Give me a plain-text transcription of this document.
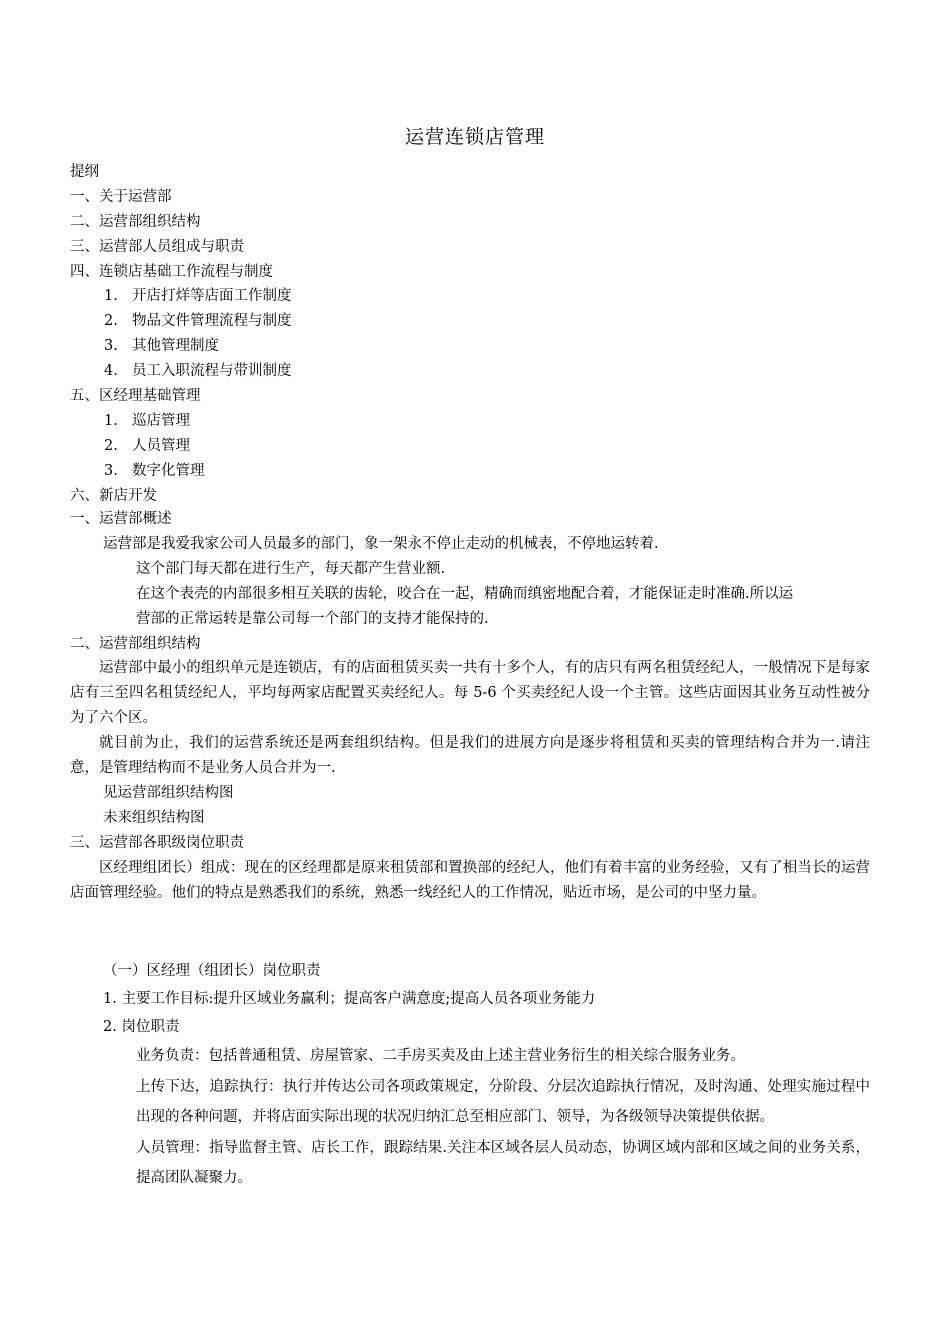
运营连锁店管理
提纲
一、关于运营部
二、运营部组织结构
三、运营部人员组成与职责
四、连锁店基础工作流程与制度
1. 开店打烊等店面工作制度
2. 物品文件管理流程与制度
3. 其他管理制度
4. 员工入职流程与带训制度
五、区经理基础管理
1. 巡店管理
2. 人员管理
3. 数字化管理
六、新店开发
一、运营部概述
运营部是我爱我家公司人员最多的部门，象一架永不停止走动的机械表，不停地运转着.
这个部门每天都在进行生产，每天都产生营业额.
在这个表壳的内部很多相互关联的齿轮，咬合在一起，精确而缜密地配合着，才能保证走时准确.所以运
营部的正常运转是靠公司每一个部门的支持才能保持的.
二、运营部组织结构
运营部中最小的组织单元是连锁店，有的店面租赁买卖一共有十多个人，有的店只有两名租赁经纪人，一般情况下是每家店有三至四名租赁经纪人，平均每两家店配置买卖经纪人。每 5-6 个买卖经纪人设一个主管。这些店面因其业务互动性被分为了六个区。
就目前为止，我们的运营系统还是两套组织结构。但是我们的进展方向是逐步将租赁和买卖的管理结构合并为一.请注意，是管理结构而不是业务人员合并为一.
见运营部组织结构图
未来组织结构图
三、运营部各职级岗位职责
区经理组团长）组成：现在的区经理都是原来租赁部和置换部的经纪人，他们有着丰富的业务经验，又有了相当长的运营店面管理经验。他们的特点是熟悉我们的系统，熟悉一线经纪人的工作情况，贴近市场，是公司的中坚力量。
（一）区经理（组团长）岗位职责
1. 主要工作目标:提升区域业务赢利；提高客户满意度;提高人员各项业务能力
2. 岗位职责

业务负责：包括普通租赁、房屋管家、二手房买卖及由上述主营业务衍生的相关综合服务业务。

上传下达，追踪执行：执行并传达公司各项政策规定，分阶段、分层次追踪执行情况，及时沟通、处理实施过程中出现的各种问题，并将店面实际出现的状况归纳汇总至相应部门、领导，为各级领导决策提供依据。

人员管理：指导监督主管、店长工作，跟踪结果.关注本区域各层人员动态，协调区域内部和区域之间的业务关系，提高团队凝聚力。
